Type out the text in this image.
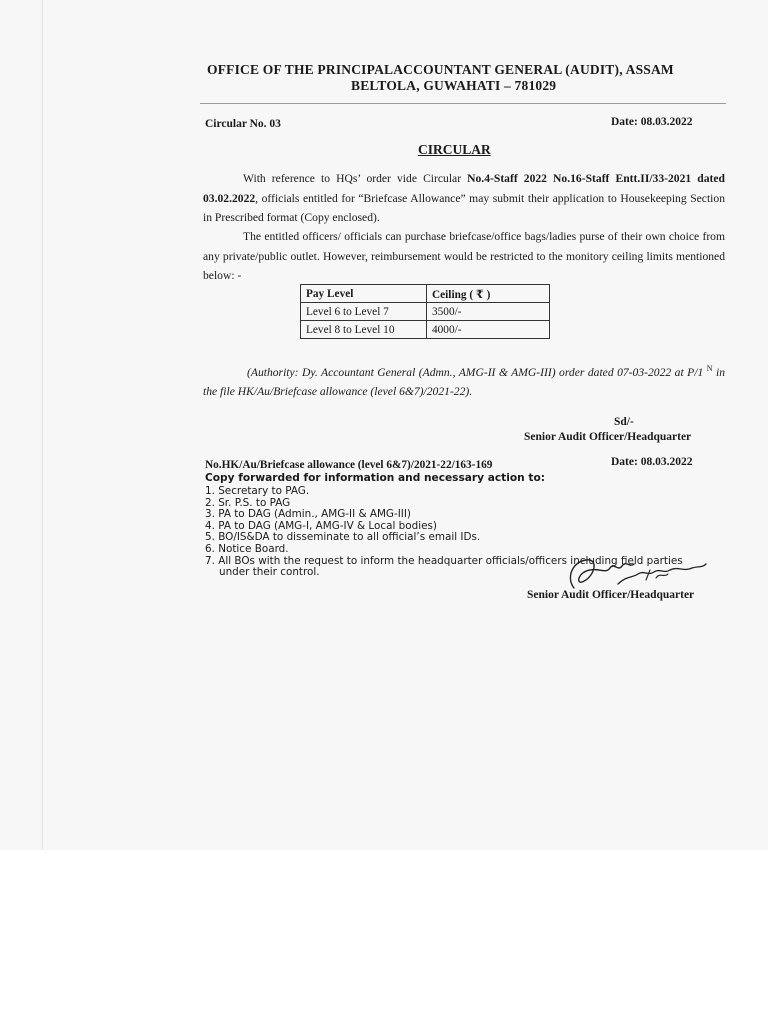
OFFICE OF THE PRINCIPALACCOUNTANT GENERAL (AUDIT), ASSAM
BELTOLA, GUWAHATI – 781029
Circular No. 03	Date: 08.03.2022
CIRCULAR
With reference to HQs’ order vide Circular No.4-Staff 2022 No.16-Staff Entt.II/33-2021 dated 03.02.2022, officials entitled for “Briefcase Allowance” may submit their application to Housekeeping Section in Prescribed format (Copy enclosed).
The entitled officers/ officials can purchase briefcase/office bags/ladies purse of their own choice from any private/public outlet. However, reimbursement would be restricted to the monitory ceiling limits mentioned below: -
Pay Level	Ceiling ( ₹ )
Level 6 to Level 7	3500/-
Level 8 to Level 10	4000/-
(Authority: Dy. Accountant General (Admn., AMG-II & AMG-III) order dated 07-03-2022 at P/1 $^N$ in the file HK/Au/Briefcase allowance (level 6&7)/2021-22).
Sd/-
Senior Audit Officer/Headquarter
No.HK/Au/Briefcase allowance (level 6&7)/2021-22/163-169	Date: 08.03.2022
Copy forwarded for information and necessary action to:
1. Secretary to PAG.
2. Sr. P.S. to PAG
3. PA to DAG (Admin., AMG-II & AMG-III)
4. PA to DAG (AMG-I, AMG-IV & Local bodies)
5. BO/IS&DA to disseminate to all official’s email IDs.
6. Notice Board.
7. All BOs with the request to inform the headquarter officials/officers including field parties
under their control.
Senior Audit Officer/Headquarter
